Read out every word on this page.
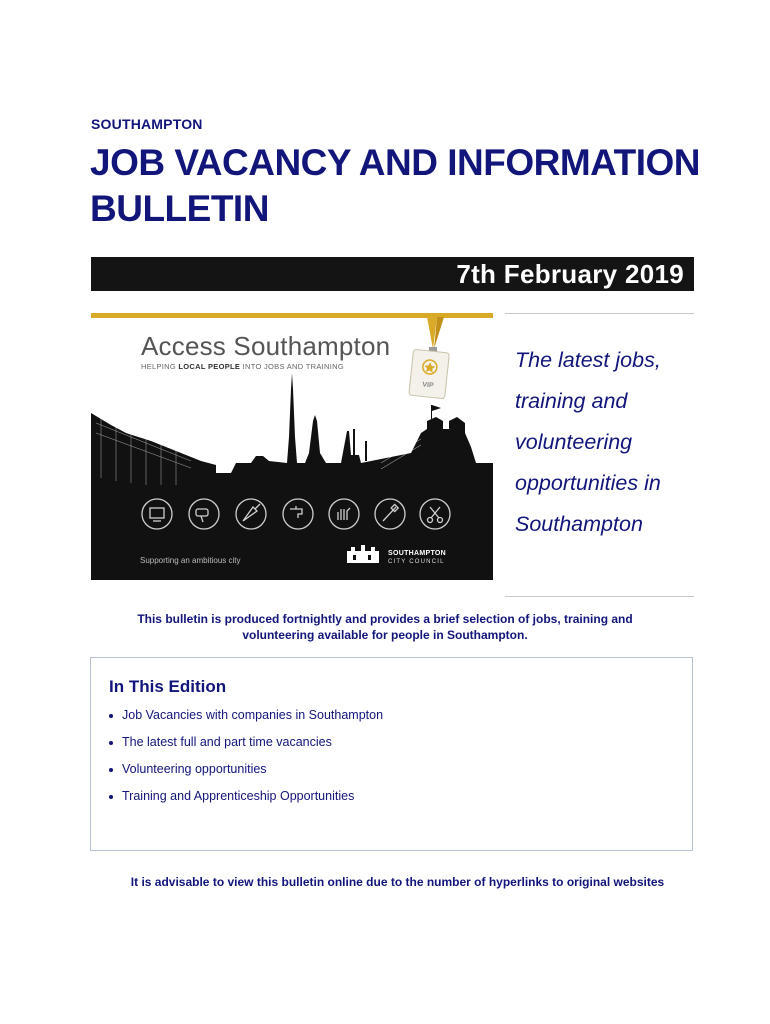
SOUTHAMPTON
JOB VACANCY AND INFORMATION BULLETIN
7th February 2019
Access Southampton
HELPING LOCAL PEOPLE INTO JOBS AND TRAINING
VIP
Supporting an ambitious city
SOUTHAMPTON
CITY COUNCIL
The latest jobs, training and volunteering opportunities in Southampton
This bulletin is produced fortnightly and provides a brief selection of jobs, training and volunteering available for people in Southampton.
In This Edition
Job Vacancies with companies in Southampton
The latest full and part time vacancies
Volunteering opportunities
Training and Apprenticeship Opportunities
It is advisable to view this bulletin online due to the number of hyperlinks to original websites
